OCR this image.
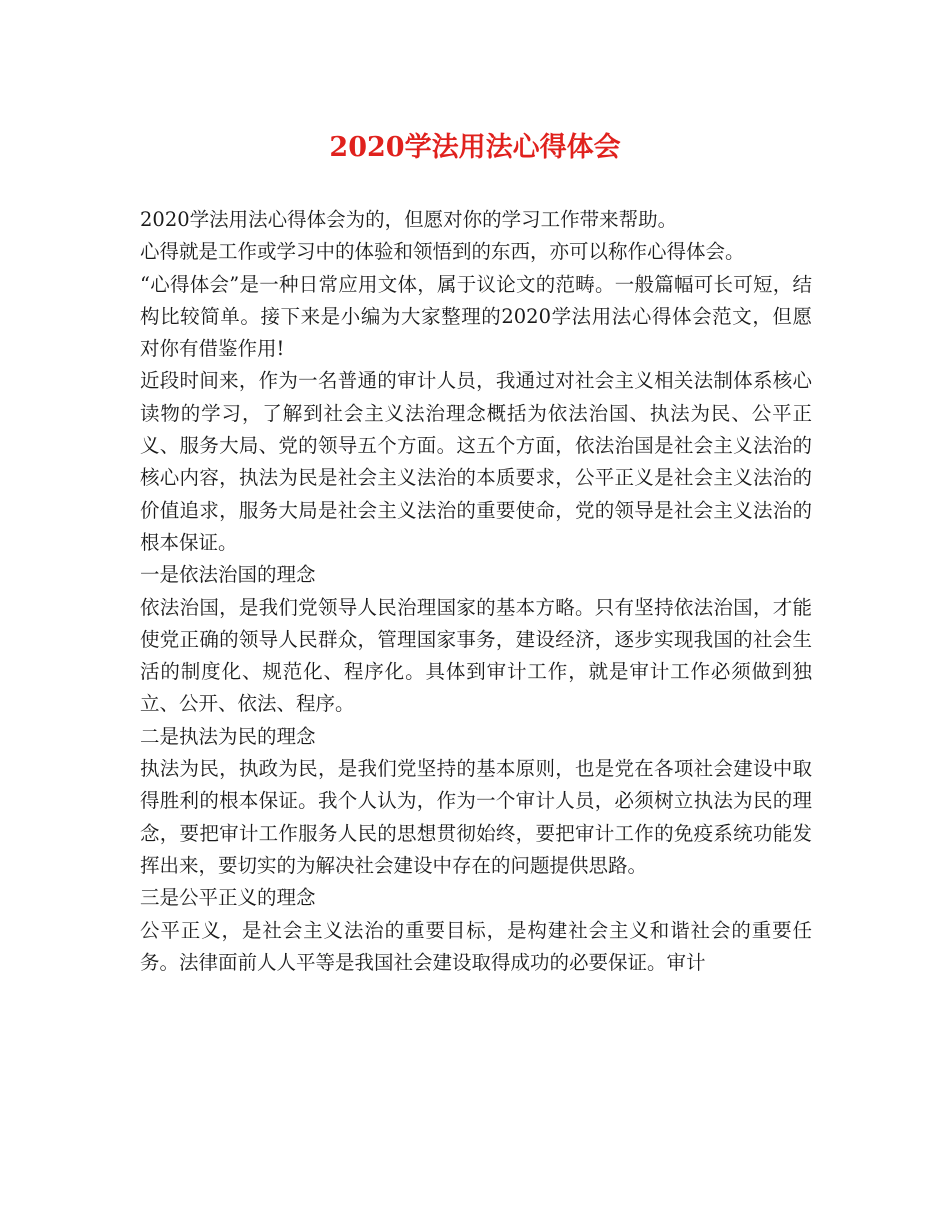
2020学法用法心得体会

2020学法用法心得体会为的，但愿对你的学习工作带来帮助。

心得就是工作或学习中的体验和领悟到的东西，亦可以称作心得体会。

“心得体会”是一种日常应用文体，属于议论文的范畴。一般篇幅可长可短，结构比较简单。接下来是小编为大家整理的2020学法用法心得体会范文，但愿对你有借鉴作用!

近段时间来，作为一名普通的审计人员，我通过对社会主义相关法制体系核心读物的学习，了解到社会主义法治理念概括为依法治国、执法为民、公平正义、服务大局、党的领导五个方面。这五个方面，依法治国是社会主义法治的核心内容，执法为民是社会主义法治的本质要求，公平正义是社会主义法治的价值追求，服务大局是社会主义法治的重要使命，党的领导是社会主义法治的根本保证。

一是依法治国的理念

依法治国，是我们党领导人民治理国家的基本方略。只有坚持依法治国，才能使党正确的领导人民群众，管理国家事务，建设经济，逐步实现我国的社会生活的制度化、规范化、程序化。具体到审计工作，就是审计工作必须做到独立、公开、依法、程序。

二是执法为民的理念

执法为民，执政为民，是我们党坚持的基本原则，也是党在各项社会建设中取得胜利的根本保证。我个人认为，作为一个审计人员，必须树立执法为民的理念，要把审计工作服务人民的思想贯彻始终，要把审计工作的免疫系统功能发挥出来，要切实的为解决社会建设中存在的问题提供思路。

三是公平正义的理念

公平正义，是社会主义法治的重要目标，是构建社会主义和谐社会的重要任务。法律面前人人平等是我国社会建设取得成功的必要保证。审计
